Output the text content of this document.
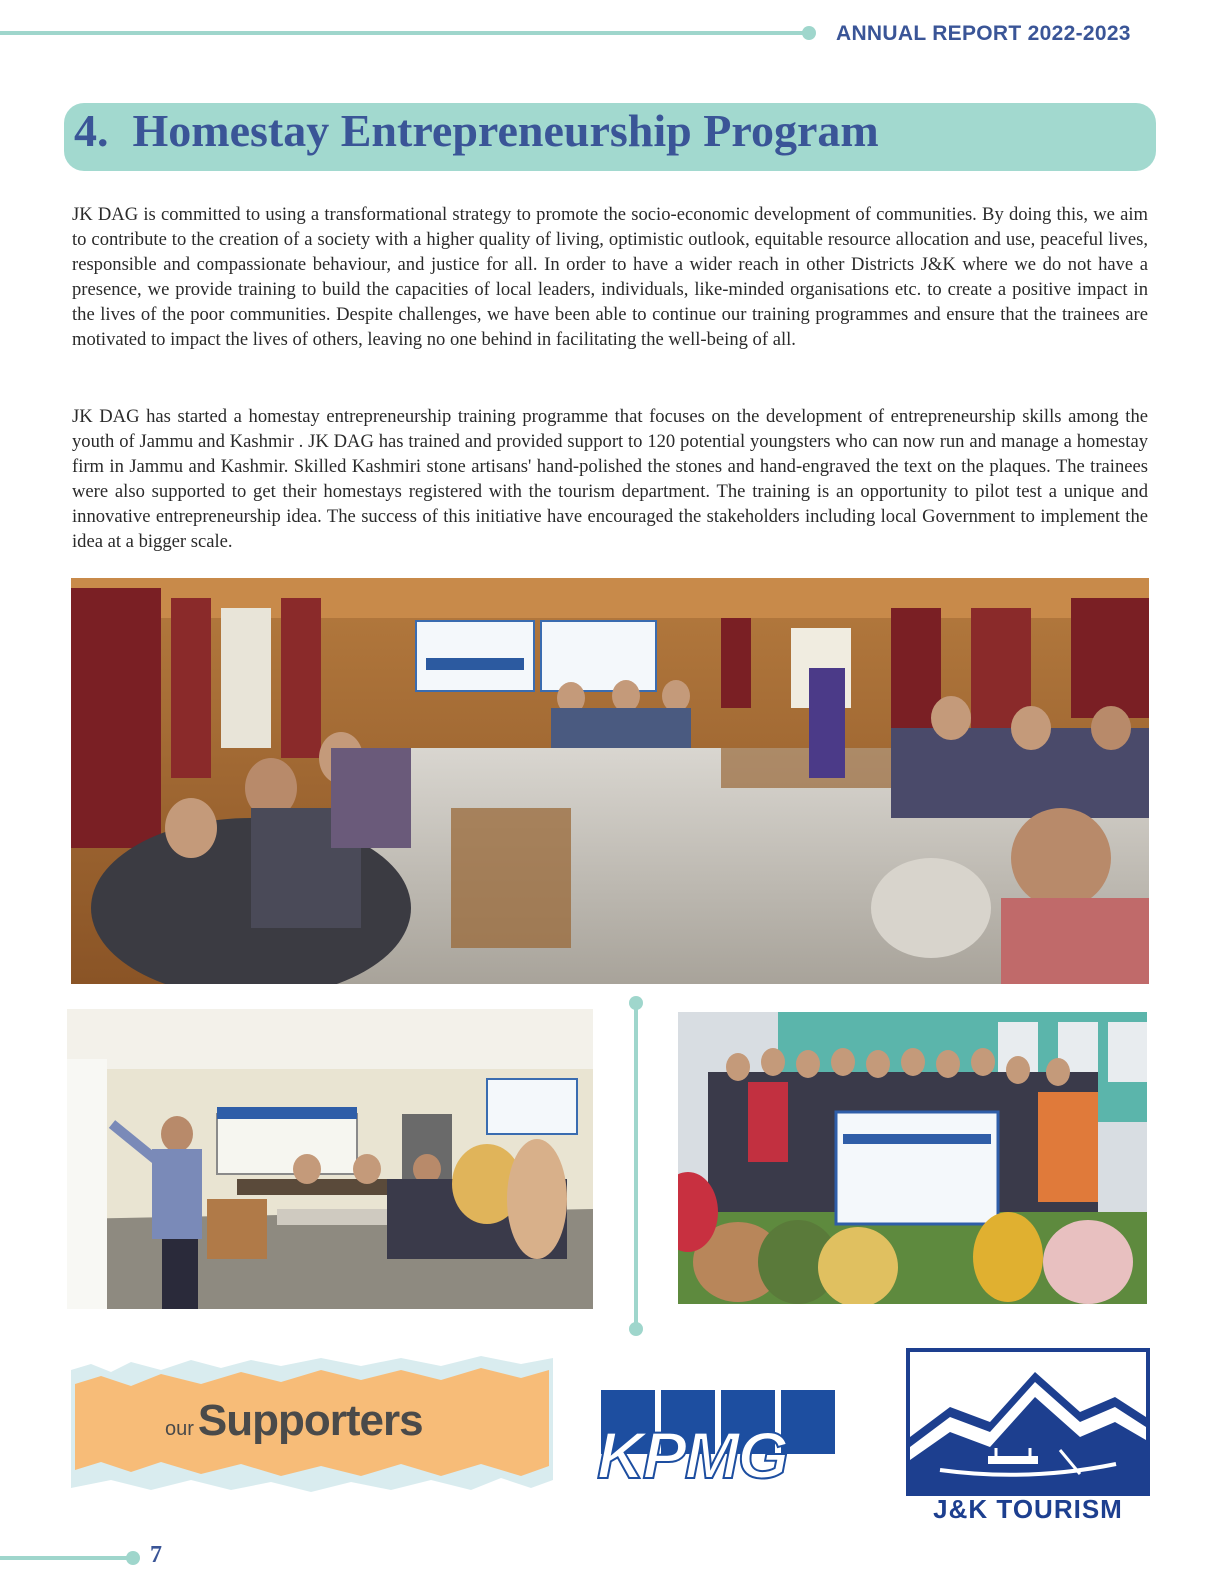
ANNUAL REPORT 2022-2023
4. Homestay Entrepreneurship Program

JK DAG is committed to using a transformational strategy to promote the socio-economic development of communities. By doing this, we aim to contribute to the creation of a society with a higher quality of living, optimistic outlook, equitable resource allocation and use, peaceful lives, responsible and compassionate behaviour, and justice for all. In order to have a wider reach in other Districts J&K where we do not have a presence, we provide training to build the capacities of local leaders, individuals, like-minded organisations etc. to create a positive impact in the lives of the poor communities. Despite challenges, we have been able to continue our training programmes and ensure that the trainees are motivated to impact the lives of others, leaving no one behind in facilitating the well-being of all.

JK DAG has started a homestay entrepreneurship training programme that focuses on the development of entrepreneurship skills among the youth of Jammu and Kashmir . JK DAG has trained and provided support to 120 potential youngsters who can now run and manage a homestay firm in Jammu and Kashmir. Skilled Kashmiri stone artisans' hand-polished the stones and hand-engraved the text on the plaques. The trainees were also supported to get their homestays registered with the tourism department. The training is an opportunity to pilot test a unique and innovative entrepreneurship idea. The success of this initiative have encouraged the stakeholders including local Government to implement the idea at a bigger scale.

ourSupporters	KPMG
J&K TOURISM
7
